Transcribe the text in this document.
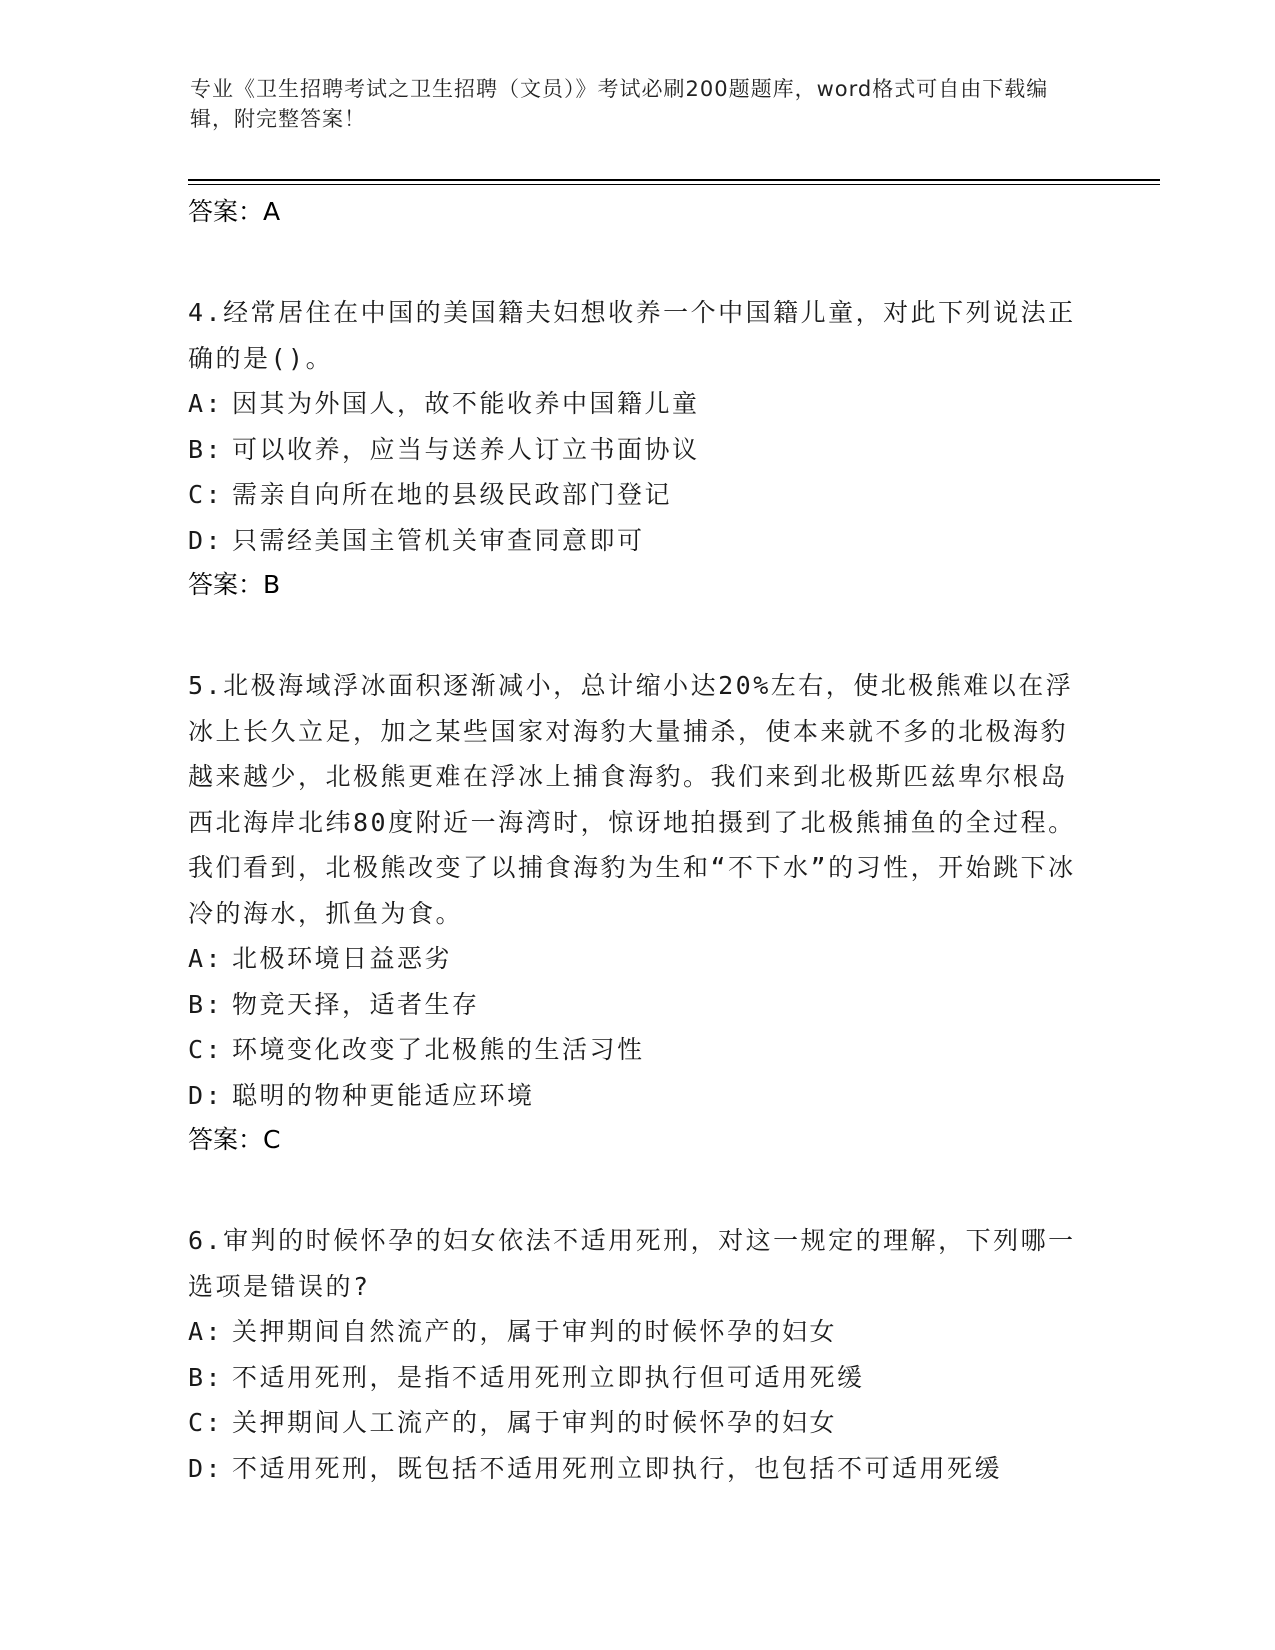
专业《卫生招聘考试之卫生招聘（文员）》考试必刷200题题库，word格式可自由下载编辑，附完整答案！

答案：A

4.经常居住在中国的美国籍夫妇想收养一个中国籍儿童，对此下列说法正确的是()。

A: 因其为外国人，故不能收养中国籍儿童

B: 可以收养，应当与送养人订立书面协议

C: 需亲自向所在地的县级民政部门登记

D: 只需经美国主管机关审查同意即可

答案：B

5.北极海域浮冰面积逐渐减小，总计缩小达20%左右，使北极熊难以在浮冰上长久立足，加之某些国家对海豹大量捕杀，使本来就不多的北极海豹越来越少，北极熊更难在浮冰上捕食海豹。我们来到北极斯匹兹卑尔根岛西北海岸北纬80度附近一海湾时，惊讶地拍摄到了北极熊捕鱼的全过程。我们看到，北极熊改变了以捕食海豹为生和“不下水”的习性，开始跳下冰冷的海水，抓鱼为食。

A: 北极环境日益恶劣

B: 物竞天择，适者生存

C: 环境变化改变了北极熊的生活习性

D: 聪明的物种更能适应环境

答案：C

6.审判的时候怀孕的妇女依法不适用死刑，对这一规定的理解，下列哪一选项是错误的?

A: 关押期间自然流产的，属于审判的时候怀孕的妇女

B: 不适用死刑，是指不适用死刑立即执行但可适用死缓

C: 关押期间人工流产的，属于审判的时候怀孕的妇女

D: 不适用死刑，既包括不适用死刑立即执行，也包括不可适用死缓
